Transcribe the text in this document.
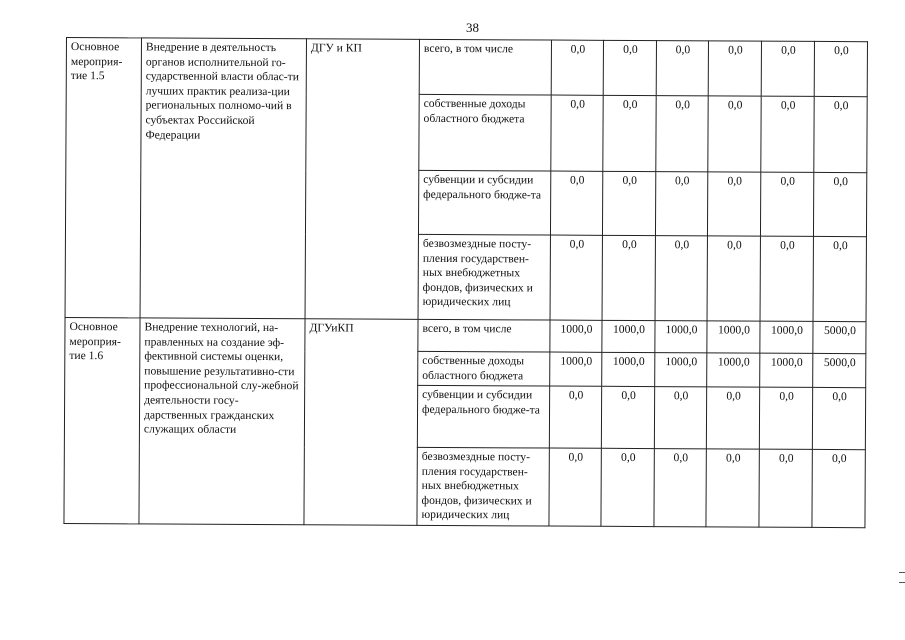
38
Основное мероприя-тие 1.5	Внедрение в деятельность органов исполнительной го-сударственной власти облас-ти лучших практик реализа-ции региональных полномо-чий в субъектах Российской Федерации	ДГУ и КП	всего, в том числе	0,0	0,0	0,0	0,0	0,0	0,0
			собственные доходы областного бюджета	0,0	0,0	0,0	0,0	0,0	0,0
			субвенции и субсидии федерального бюдже-та	0,0	0,0	0,0	0,0	0,0	0,0
			безвозмездные посту-пления государствен-ных внебюджетных фондов, физических и юридических лиц	0,0	0,0	0,0	0,0	0,0	0,0
Основное мероприя-тие 1.6	Внедрение технологий, на-правленных на создание эф-фективной системы оценки, повышение результативно-сти профессиональной слу-жебной деятельности госу-дарственных гражданских служащих области	ДГУиКП	всего, в том числе	1000,0	1000,0	1000,0	1000,0	1000,0	5000,0
			собственные доходы областного бюджета	1000,0	1000,0	1000,0	1000,0	1000,0	5000,0
			субвенции и субсидии федерального бюдже-та	0,0	0,0	0,0	0,0	0,0	0,0
			безвозмездные посту-пления государствен-ных внебюджетных фондов, физических и юридических лиц	0,0	0,0	0,0	0,0	0,0	0,0
